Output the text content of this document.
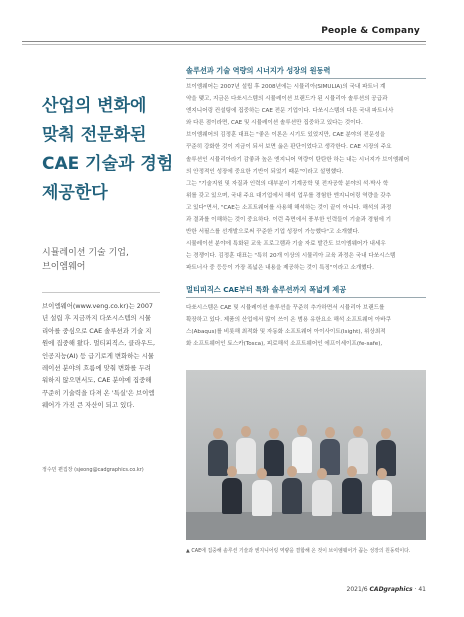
People & Company
산업의 변화에
맞춰 전문화된
CAE 기술과 경험
제공한다
시뮬레이션 기술 기업,
브이엠웨어
브이엠웨어(www.veng.co.kr)는 2007
년 설립 후 지금까지 다쏘시스템의 시뮬
리아를 중심으로 CAE 솔루션과 기술 지
원에 집중해 왔다. 멀티피직스, 클라우드,
인공지능(AI) 등 급기로게 변화하는 시뮬
레이션 분야의 흐름에 맞춰 변화를 두려
워하지 않으면서도, CAE 분야에 집중해
꾸준히 기술력을 다져 온 '특실'은 브이엠
웨어가 가진 큰 자산이 되고 있다.
정수민 편집장 (sjeong@cadgraphics.co.kr)
솔루션과 기술 역량의 시너지가 성장의 원동력
브이엠웨어는 2007년 설립 후 2008년에는 시뮬리아(SIMULIA)의 국내 파트너 계
약을 맺고, 지금은 다쏘시스템의 시뮬레이션 브랜드가 된 시뮬리아 솔루션의 공급과
엔지니어링 컨설팅에 집중하는 CAE 전문 기업이다. 다쏘시스템의 다른 국내 파트너사
와 다른 점이라면, CAE 및 시뮬레이션 솔루션만 집중하고 있다는 것이다.
브이엠웨어의 김정훈 대표는 "좋은 이론은 시기도 있었지만, CAE 분야의 전문성을
꾸준히 강화한 것이 지금이 되서 보면 옳은 판단이었다고 생각한다. CAE 시장의 주요
솔루션인 시뮬리아라기 감좋과 높은 엔지니어 역량이 탄탄한 하는 내는 시너지가 브이엠웨어
의 안정적인 성장에 중요한 기반이 되었기 때문"이라고 설명했다.
그는 "기술지원 및 자질과 인력의 대부분이 기계공학 및 전자공학 분야의 석·박사 학
위를 갖고 있으며, 국내 주요 대기업에서 해석 업무를 경험한 엔지니어링 역량을 갖추
고 있다"면서, "CAE는 소프트웨어를 사용해 해석하는 것이 끝이 아니다. 해석의 과정
과 결과를 이해하는 것이 중요하다. 이런 측면에서 풍부한 인력들이 기술과 경험에 기
반한 서필스를 선개발으로써 꾸준한 기업 성장이 가능했다"고 소개했다.
시뮬레이션 분야에 특화된 교육 프로그램과 기술 자료 발간도 브이엠웨어가 내세우
는 경쟁이다. 김정훈 대표는 "특히 20개 이상의 시뮬리아 교육 과정은 국내 다쏘시스템
파트너사 중 등등이 가장 폭넓은 내용을 제공하는 것이 특징"이라고 소개했다.
멀티피직스 CAE부터 특화 솔루션까지 폭넓게 제공
다쏘시스템은 CAE 및 시뮬레이션 솔루션을 꾸준히 추가하면서 시뮬리아 브랜드를
확장하고 있다. 제품의 산업에서 많이 쓰이 온 범용 유한요소 해석 소프트웨어 아바쿠
스(Abaqus)를 비롯해 최적화 및 자동화 소프트웨어 아이사이트(Isight), 위상최적
화 소프트웨어인 토스카(Tosca), 피로해석 소프트웨어인 에프이세이프(fe-safe),
▲ CAE에 집중해 솔루션 기술과 엔지니어링 역량을 결합해 온 것이 브이엠웨어가 꼽는 성장의 원동력이다.
2021/6 CADgraphics · 41
